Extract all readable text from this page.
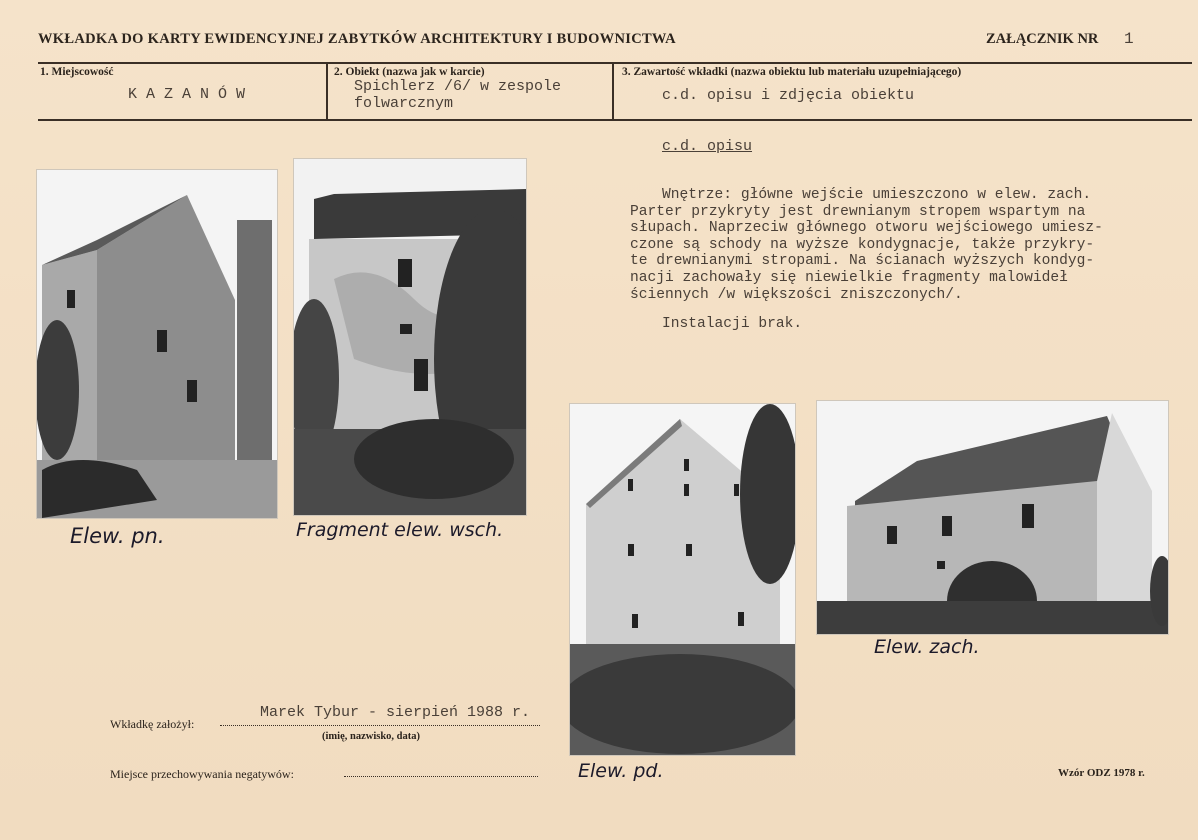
WKŁADKA DO KARTY EWIDENCYJNEJ ZABYTKÓW ARCHITEKTURY I BUDOWNICTWA	ZAŁĄCZNIK NR 1
1. Miejscowość
K A Z A N Ó W
2. Obiekt (nazwa jak w karcie)
Spichlerz /6/ w zespole
folwarcznym
3. Zawartość wkładki (nazwa obiektu lub materiału uzupełniającego)
c.d. opisu i zdjęcia obiektu
c.d. opisu
Wnętrze: główne wejście umieszczono w elew. zach.
Parter przykryty jest drewnianym stropem wspartym na
słupach. Naprzeciw głównego otworu wejściowego umiesz-
czone są schody na wyższe kondygnacje, także przykry-
te drewnianymi stropami. Na ścianach wyższych kondyg-
nacji zachowały się niewielkie fragmenty malowideł
ściennych /w większości zniszczonych/.
Instalacji brak.
Elew. pn.	Fragment elew. wsch.
Elew. pd.
Elew. zach.
Wkładkę założył:
Marek Tybur - sierpień 1988 r.
(imię, nazwisko, data)
Miejsce przechowywania negatywów:	Wzór ODZ 1978 r.
